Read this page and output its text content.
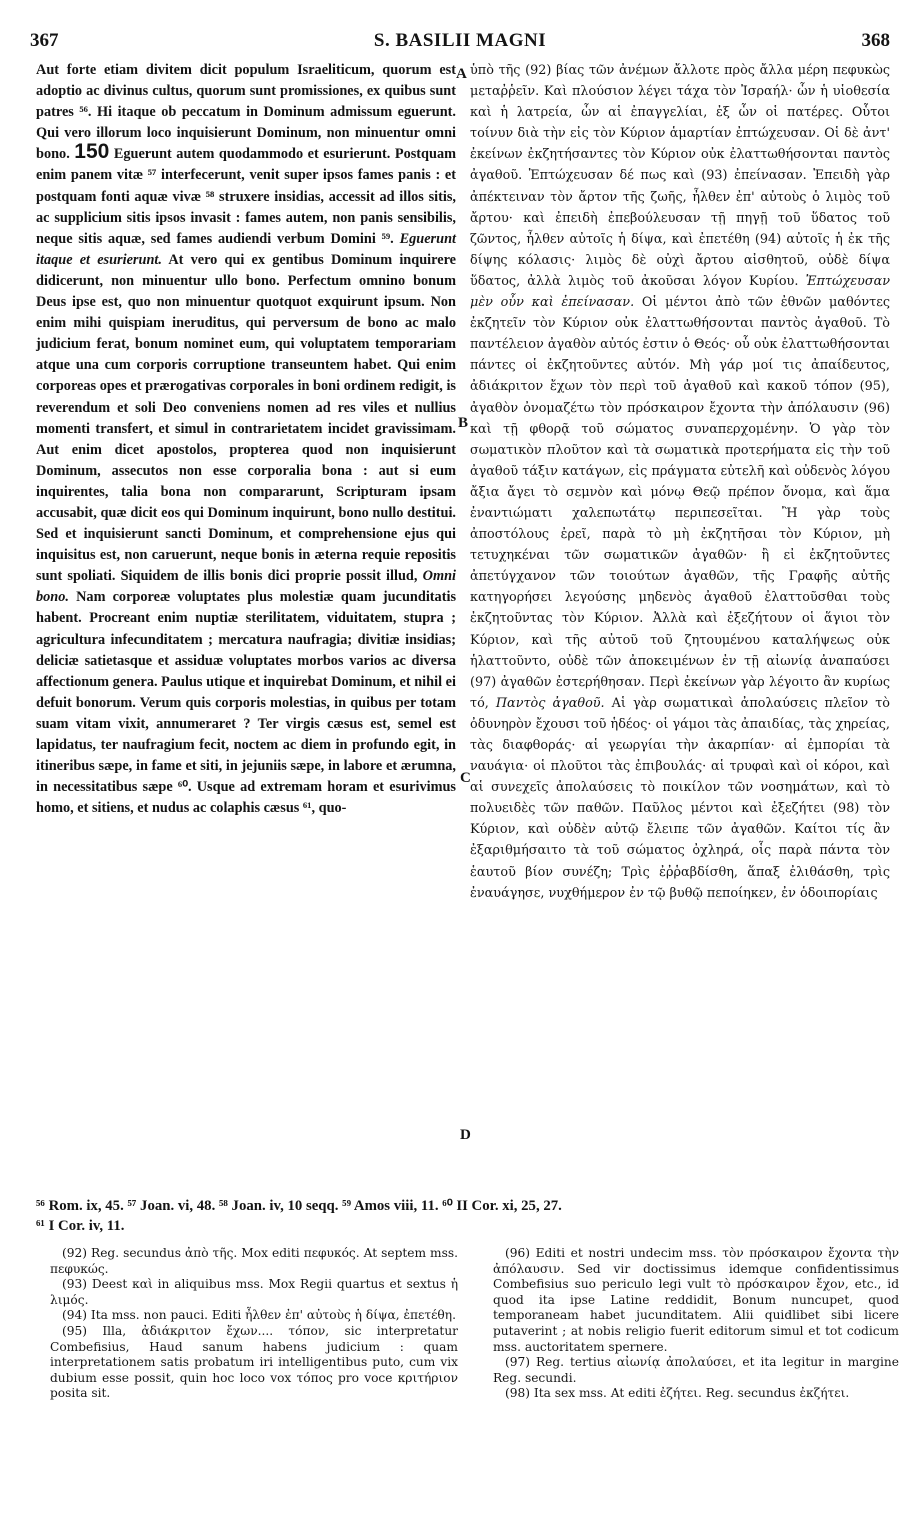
367	S. BASILII MAGNI	368

Aut forte etiam divitem dicit populum Israeliticum, quorum est adoptio ac divinus cultus, quorum sunt promissiones, ex quibus sunt patres ⁵⁶. Hi itaque ob peccatum in Dominum admissum eguerunt. Qui vero illorum loco inquisierunt Dominum, non minuentur omni bono. 150 Eguerunt autem quodammodo et esurierunt. Postquam enim panem vitæ ⁵⁷ interfecerunt, venit super ipsos fames panis : et postquam fonti aquæ vivæ ⁵⁸ struxere insidias, accessit ad illos sitis, ac supplicium sitis ipsos invasit : fames autem, non panis sensibilis, neque sitis aquæ, sed fames audiendi verbum Domini ⁵⁹. Eguerunt itaque et esurierunt. At vero qui ex gentibus Dominum inquirere didicerunt, non minuentur ullo bono. Perfectum omnino bonum Deus ipse est, quo non minuentur quotquot exquirunt ipsum. Non enim mihi quispiam ineruditus, qui perversum de bono ac malo judicium ferat, bonum nominet eum, qui voluptatem temporariam atque una cum corporis corruptione transeuntem habet. Qui enim corporeas opes et prærogativas corporales in boni ordinem redigit, is reverendum et soli Deo conveniens nomen ad res viles et nullius momenti transfert, et simul in contrarietatem incidet gravissimam. Aut enim dicet apostolos, propterea quod non inquisierunt Dominum, assecutos non esse corporalia bona : aut si eum inquirentes, talia bona non compararunt, Scripturam ipsam accusabit, quæ dicit eos qui Dominum inquirunt, bono nullo destitui. Sed et inquisierunt sancti Dominum, et comprehensione ejus qui inquisitus est, non caruerunt, neque bonis in æterna requie repositis sunt spoliati. Siquidem de illis bonis dici proprie possit illud, Omni bono. Nam corporeæ voluptates plus molestiæ quam jucunditatis habent. Procreant enim nuptiæ sterilitatem, viduitatem, stupra ; agricultura infecunditatem ; mercatura naufragia; divitiæ insidias; deliciæ satietasque et assiduæ voluptates morbos varios ac diversa affectionum genera. Paulus utique et inquirebat Dominum, et nihil ei defuit bonorum. Verum quis corporis molestias, in quibus per totam suam vitam vixit, annumeraret ? Ter virgis cæsus est, semel est lapidatus, ter naufragium fecit, noctem ac diem in profundo egit, in itineribus sæpe, in fame et siti, in jejuniis sæpe, in labore et ærumna, in necessitatibus sæpe ⁶⁰. Usque ad extremam horam et esurivimus homo, et sitiens, et nudus ac colaphis cæsus ⁶¹, quo-

ὑπὸ τῆς (92) βίας τῶν ἀνέμων ἄλλοτε πρὸς ἄλλα μέρη πεφυκὼς μεταῤῥεῖν. Καὶ πλούσιον λέγει τάχα τὸν Ἰσραήλ· ὧν ἡ υἱοθεσία καὶ ἡ λατρεία, ὧν αἱ ἐπαγγελίαι, ἐξ ὧν οἱ πατέρες. Οὗτοι τοίνυν διὰ τὴν εἰς τὸν Κύριον ἁμαρτίαν ἐπτώχευσαν. Οἱ δὲ ἀντ' ἐκείνων ἐκζητήσαντες τὸν Κύριον οὐκ ἐλαττωθήσονται παντὸς ἀγαθοῦ. Ἐπτώχευσαν δέ πως καὶ (93) ἐπείνασαν. Ἐπειδὴ γὰρ ἀπέκτειναν τὸν ἄρτον τῆς ζωῆς, ἦλθεν ἐπ' αὐτοὺς ὁ λιμὸς τοῦ ἄρτου· καὶ ἐπειδὴ ἐπεβούλευσαν τῇ πηγῇ τοῦ ὕδατος τοῦ ζῶντος, ἦλθεν αὐτοῖς ἡ δίψα, καὶ ἐπετέθη (94) αὐτοῖς ἡ ἐκ τῆς δίψης κόλασις· λιμὸς δὲ οὐχὶ ἄρτου αἰσθητοῦ, οὐδὲ δίψα ὕδατος, ἀλλὰ λιμὸς τοῦ ἀκοῦσαι λόγον Κυρίου. Ἐπτώχευσαν μὲν οὖν καὶ ἐπείνασαν. Οἱ μέντοι ἀπὸ τῶν ἐθνῶν μαθόντες ἐκζητεῖν τὸν Κύριον οὐκ ἐλαττωθήσονται παντὸς ἀγαθοῦ. Τὸ παντέλειον ἀγαθὸν αὐτός ἐστιν ὁ Θεός· οὗ οὐκ ἐλαττωθήσονται πάντες οἱ ἐκζητοῦντες αὐτόν. Μὴ γάρ μοί τις ἀπαίδευτος, ἀδιάκριτον ἔχων τὸν περὶ τοῦ ἀγαθοῦ καὶ κακοῦ τόπον (95), ἀγαθὸν ὀνομαζέτω τὸν πρόσκαιρον ἔχοντα τὴν ἀπόλαυσιν (96) καὶ τῇ φθορᾷ τοῦ σώματος συναπερχομένην. Ὁ γὰρ τὸν σωματικὸν πλοῦτον καὶ τὰ σωματικὰ προτερήματα εἰς τὴν τοῦ ἀγαθοῦ τάξιν κατάγων, εἰς πράγματα εὐτελῆ καὶ οὐδενὸς λόγου ἄξια ἄγει τὸ σεμνὸν καὶ μόνῳ Θεῷ πρέπον ὄνομα, καὶ ἅμα ἐναντιώματι χαλεπωτάτῳ περιπεσεῖται. Ἢ γὰρ τοὺς ἀποστόλους ἐρεῖ, παρὰ τὸ μὴ ἐκζητῆσαι τὸν Κύριον, μὴ τετυχηκέναι τῶν σωματικῶν ἀγαθῶν· ἢ εἰ ἐκζητοῦντες ἀπετύγχανον τῶν τοιούτων ἀγαθῶν, τῆς Γραφῆς αὐτῆς κατηγορήσει λεγούσης μηδενὸς ἀγαθοῦ ἐλαττοῦσθαι τοὺς ἐκζητοῦντας τὸν Κύριον. Ἀλλὰ καὶ ἐξεζήτουν οἱ ἅγιοι τὸν Κύριον, καὶ τῆς αὐτοῦ τοῦ ζητουμένου καταλήψεως οὐκ ἡλαττοῦντο, οὐδὲ τῶν ἀποκειμένων ἐν τῇ αἰωνίᾳ ἀναπαύσει (97) ἀγαθῶν ἐστερήθησαν. Περὶ ἐκείνων γὰρ λέγοιτο ἂν κυρίως τό, Παντὸς ἀγαθοῦ. Αἱ γὰρ σωματικαὶ ἀπολαύσεις πλεῖον τὸ ὀδυνηρὸν ἔχουσι τοῦ ἡδέος· οἱ γάμοι τὰς ἀπαιδίας, τὰς χηρείας, τὰς διαφθοράς· αἱ γεωργίαι τὴν ἀκαρπίαν· αἱ ἐμπορίαι τὰ ναυάγια· οἱ πλοῦτοι τὰς ἐπιβουλάς· αἱ τρυφαὶ καὶ οἱ κόροι, καὶ αἱ συνεχεῖς ἀπολαύσεις τὸ ποικίλον τῶν νοσημάτων, καὶ τὸ πολυειδὲς τῶν παθῶν. Παῦλος μέντοι καὶ ἐξεζήτει (98) τὸν Κύριον, καὶ οὐδὲν αὐτῷ ἔλειπε τῶν ἀγαθῶν. Καίτοι τίς ἂν ἐξαριθμήσαιτο τὰ τοῦ σώματος ὀχληρά, οἷς παρὰ πάντα τὸν ἑαυτοῦ βίον συνέζη; Τρὶς ἐῤῥαβδίσθη, ἅπαξ ἐλιθάσθη, τρὶς ἐναυάγησε, νυχθήμερον ἐν τῷ βυθῷ πεποίηκεν, ἐν ὁδοιπορίαις

A
B
C
D
⁵⁶ Rom. ix, 45. ⁵⁷ Joan. vi, 48. ⁵⁸ Joan. iv, 10 seqq. ⁵⁹ Amos viii, 11. ⁶⁰ II Cor. xi, 25, 27.
⁶¹ I Cor. iv, 11.

(92) Reg. secundus ἀπὸ τῆς. Mox editi πεφυκός. At septem mss. πεφυκώς.

(93) Deest καὶ in aliquibus mss. Mox Regii quartus et sextus ἡ λιμός.

(94) Ita mss. non pauci. Editi ἦλθεν ἐπ' αὐτοὺς ἡ δίψα, ἐπετέθη.

(95) Illa, ἀδιάκριτον ἔχων.... τόπον, sic interpretatur Combefisius, Haud sanum habens judicium : quam interpretationem satis probatum iri intelligentibus puto, cum vix dubium esse possit, quin hoc loco vox τόπος pro voce κριτήριον posita sit.

(96) Editi et nostri undecim mss. τὸν πρόσκαιρον ἔχοντα τὴν ἀπόλαυσιν. Sed vir doctissimus idemque confidentissimus Combefisius suo periculo legi vult τὸ πρόσκαιρον ἔχον, etc., id quod ita ipse Latine reddidit, Bonum nuncupet, quod temporaneam habet jucunditatem. Alii quidlibet sibi licere putaverint ; at nobis religio fuerit editorum simul et tot codicum mss. auctoritatem spernere.

(97) Reg. tertius αἰωνίᾳ ἀπολαύσει, et ita legitur in margine Reg. secundi.

(98) Ita sex mss. At editi ἐζήτει. Reg. secundus ἐκζήτει.
